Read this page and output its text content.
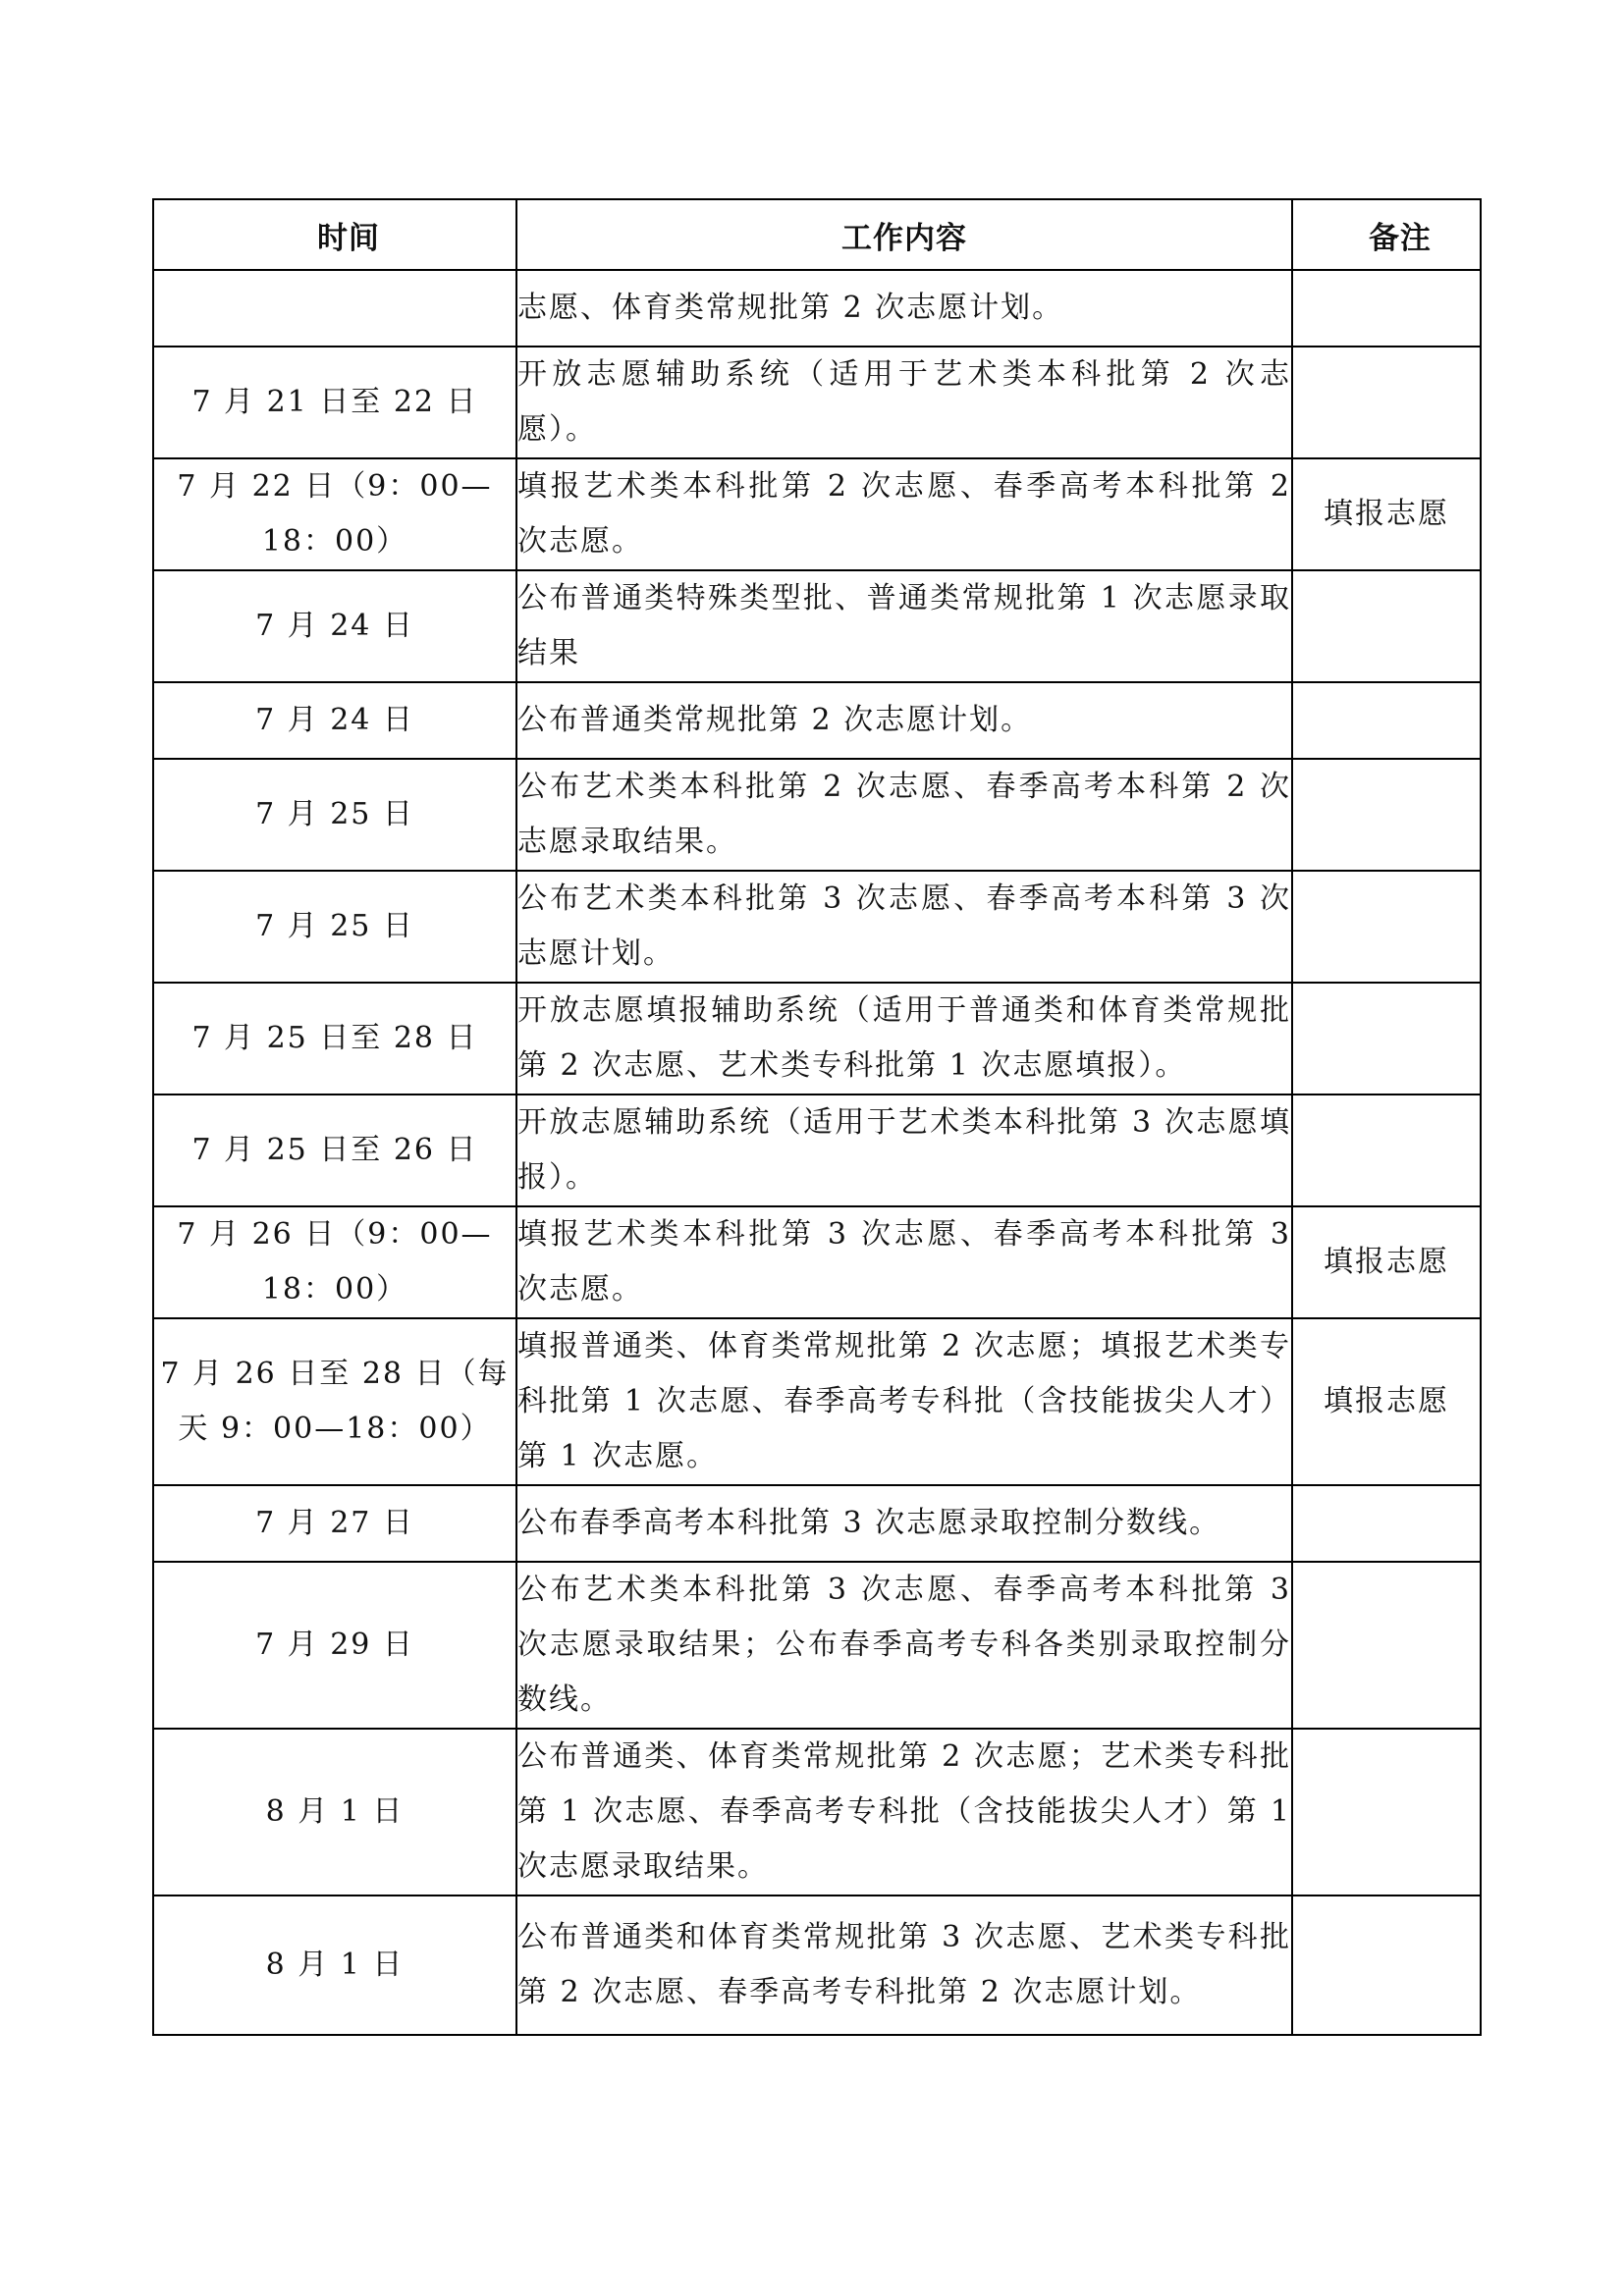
时间	工作内容	备注
	志愿、体育类常规批第 2 次志愿计划。	
7 月 21 日至 22 日	开放志愿辅助系统（适用于艺术类本科批第 2 次志愿）。	
7 月 22 日（9：00—18：00）	填报艺术类本科批第 2 次志愿、春季高考本科批第 2 次志愿。	填报志愿
7 月 24 日	公布普通类特殊类型批、普通类常规批第 1 次志愿录取结果	
7 月 24 日	公布普通类常规批第 2 次志愿计划。	
7 月 25 日	公布艺术类本科批第 2 次志愿、春季高考本科第 2 次志愿录取结果。	
7 月 25 日	公布艺术类本科批第 3 次志愿、春季高考本科第 3 次志愿计划。	
7 月 25 日至 28 日	开放志愿填报辅助系统（适用于普通类和体育类常规批第 2 次志愿、艺术类专科批第 1 次志愿填报）。	
7 月 25 日至 26 日	开放志愿辅助系统（适用于艺术类本科批第 3 次志愿填报）。	
7 月 26 日（9：00—18：00）	填报艺术类本科批第 3 次志愿、春季高考本科批第 3 次志愿。	填报志愿
7 月 26 日至 28 日（每天 9：00—18：00）	填报普通类、体育类常规批第 2 次志愿；填报艺术类专科批第 1 次志愿、春季高考专科批（含技能拔尖人才）第 1 次志愿。	填报志愿
7 月 27 日	公布春季高考本科批第 3 次志愿录取控制分数线。	
7 月 29 日	公布艺术类本科批第 3 次志愿、春季高考本科批第 3 次志愿录取结果；公布春季高考专科各类别录取控制分数线。	
8 月 1 日	公布普通类、体育类常规批第 2 次志愿；艺术类专科批第 1 次志愿、春季高考专科批（含技能拔尖人才）第 1 次志愿录取结果。	
8 月 1 日	公布普通类和体育类常规批第 3 次志愿、艺术类专科批第 2 次志愿、春季高考专科批第 2 次志愿计划。	
